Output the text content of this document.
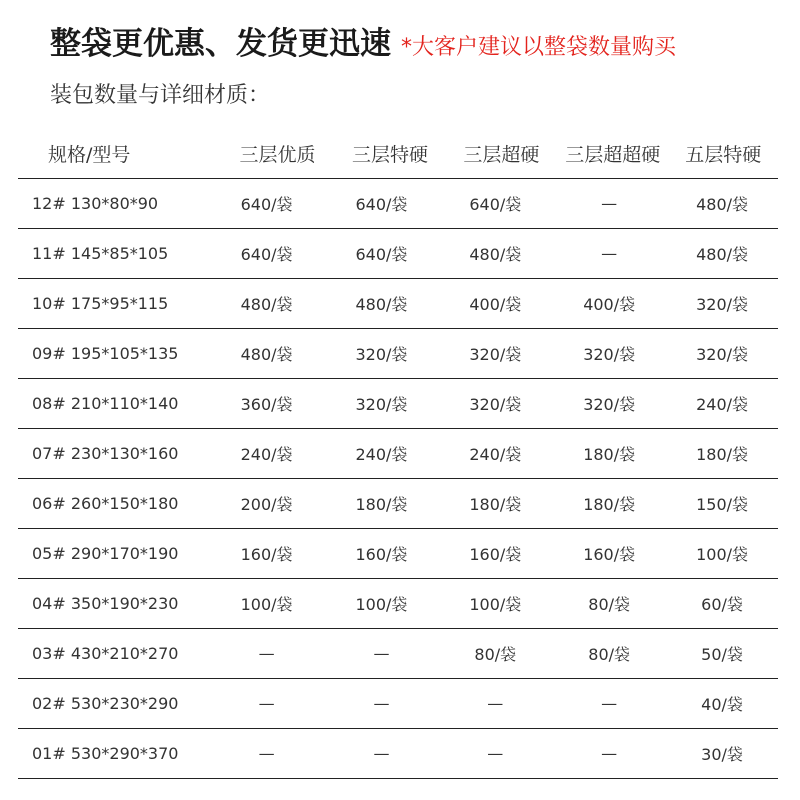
整袋更优惠、发货更迅速 *大客户建议以整袋数量购买
装包数量与详细材质：
规格/型号	三层优质	三层特硬	三层超硬	三层超超硬	五层特硬
12# 130*80*90	640/袋	640/袋	640/袋	—	480/袋
11# 145*85*105	640/袋	640/袋	480/袋	—	480/袋
10# 175*95*115	480/袋	480/袋	400/袋	400/袋	320/袋
09# 195*105*135	480/袋	320/袋	320/袋	320/袋	320/袋
08# 210*110*140	360/袋	320/袋	320/袋	320/袋	240/袋
07# 230*130*160	240/袋	240/袋	240/袋	180/袋	180/袋
06# 260*150*180	200/袋	180/袋	180/袋	180/袋	150/袋
05# 290*170*190	160/袋	160/袋	160/袋	160/袋	100/袋
04# 350*190*230	100/袋	100/袋	100/袋	80/袋	60/袋
03# 430*210*270	—	—	80/袋	80/袋	50/袋
02# 530*230*290	—	—	—	—	40/袋
01# 530*290*370	—	—	—	—	30/袋
